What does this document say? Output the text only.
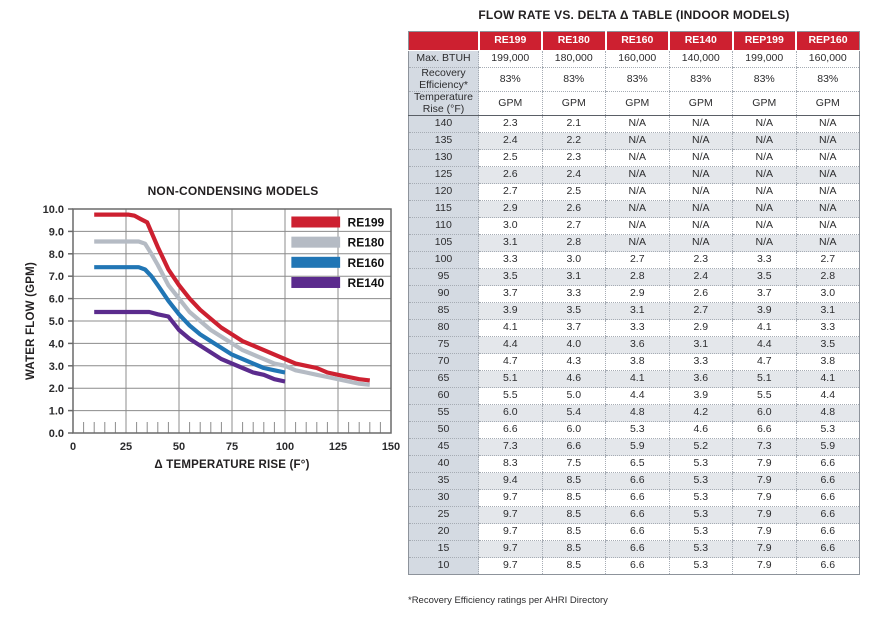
NON-CONDENSING MODELS
0.0
1.0
2.0
3.0
4.0
5.0
6.0
7.0
8.0
9.0
10.0
0	25	50	75	100	125	150
Δ TEMPERATURE RISE (F°)
WATER FLOW (GPM)
RE199
RE180
RE160
RE140
FLOW RATE VS. DELTA Δ TABLE (INDOOR MODELS)
	RE199	RE180	RE160	RE140	REP199	REP160
Max. BTUH	199,000	180,000	160,000	140,000	199,000	160,000
Recovery Efficiency*	83%	83%	83%	83%	83%	83%
Temperature Rise (°F)	GPM	GPM	GPM	GPM	GPM	GPM
140	2.3	2.1	N/A	N/A	N/A	N/A
135	2.4	2.2	N/A	N/A	N/A	N/A
130	2.5	2.3	N/A	N/A	N/A	N/A
125	2.6	2.4	N/A	N/A	N/A	N/A
120	2.7	2.5	N/A	N/A	N/A	N/A
115	2.9	2.6	N/A	N/A	N/A	N/A
110	3.0	2.7	N/A	N/A	N/A	N/A
105	3.1	2.8	N/A	N/A	N/A	N/A
100	3.3	3.0	2.7	2.3	3.3	2.7
95	3.5	3.1	2.8	2.4	3.5	2.8
90	3.7	3.3	2.9	2.6	3.7	3.0
85	3.9	3.5	3.1	2.7	3.9	3.1
80	4.1	3.7	3.3	2.9	4.1	3.3
75	4.4	4.0	3.6	3.1	4.4	3.5
70	4.7	4.3	3.8	3.3	4.7	3.8
65	5.1	4.6	4.1	3.6	5.1	4.1
60	5.5	5.0	4.4	3.9	5.5	4.4
55	6.0	5.4	4.8	4.2	6.0	4.8
50	6.6	6.0	5.3	4.6	6.6	5.3
45	7.3	6.6	5.9	5.2	7.3	5.9
40	8.3	7.5	6.5	5.3	7.9	6.6
35	9.4	8.5	6.6	5.3	7.9	6.6
30	9.7	8.5	6.6	5.3	7.9	6.6
25	9.7	8.5	6.6	5.3	7.9	6.6
20	9.7	8.5	6.6	5.3	7.9	6.6
15	9.7	8.5	6.6	5.3	7.9	6.6
10	9.7	8.5	6.6	5.3	7.9	6.6
*Recovery Efficiency ratings per AHRI Directory
